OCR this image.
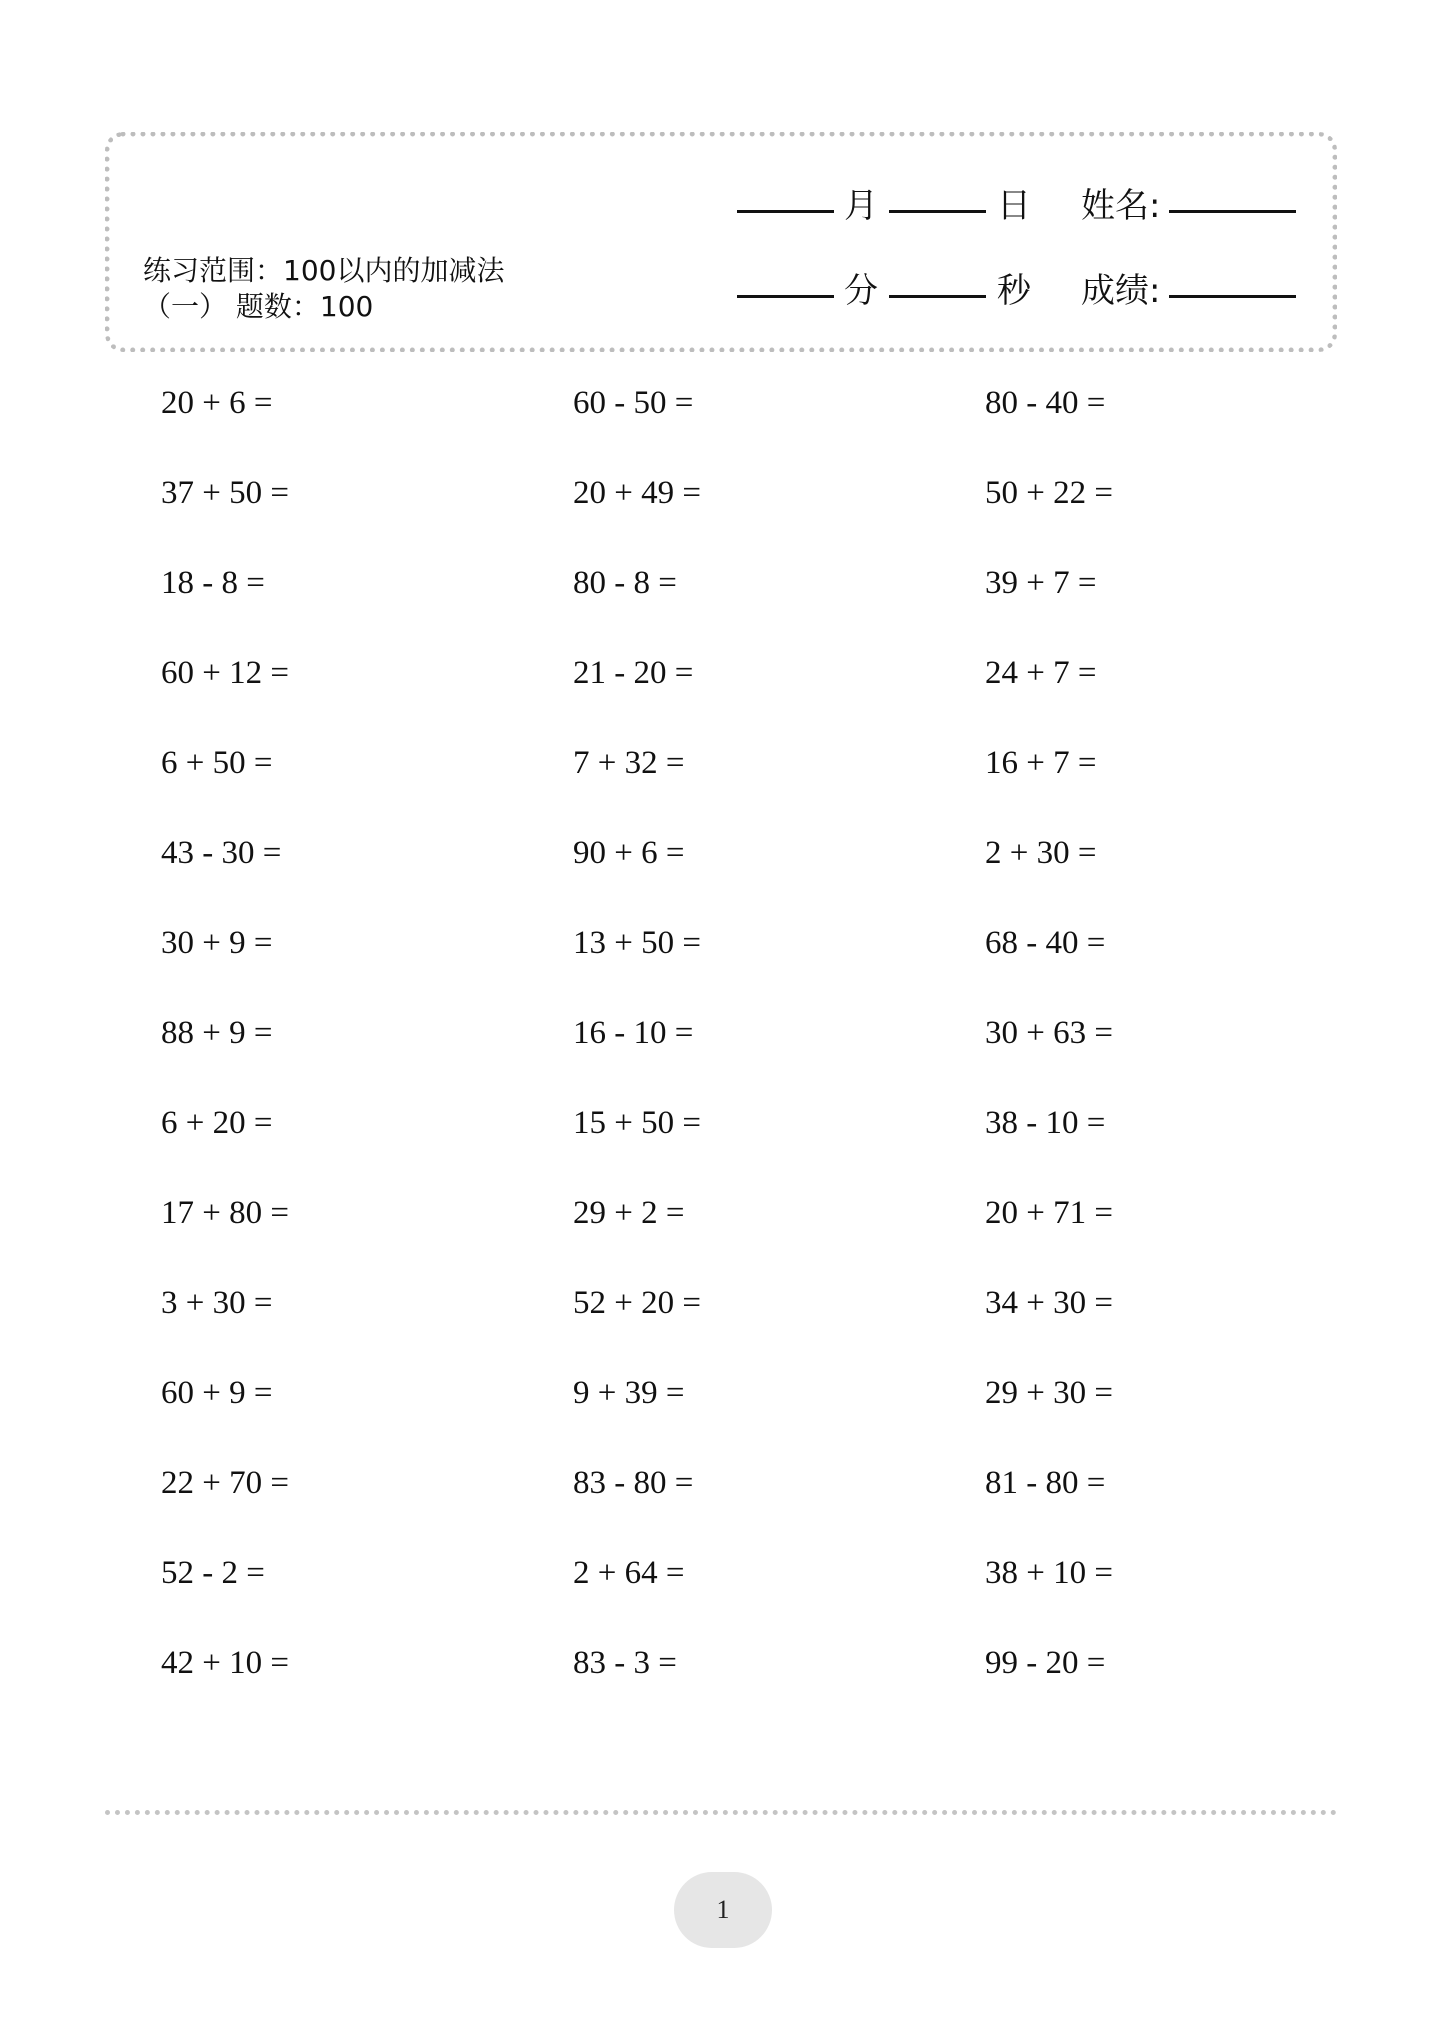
练习范围：100以内的加减法
（一） 题数：100
月	日 姓名:
分	秒 成绩:
20 + 6 =	60 - 50 =	80 - 40 =
37 + 50 =	20 + 49 =	50 + 22 =
18 - 8 =	80 - 8 =	39 + 7 =
60 + 12 =	21 - 20 =	24 + 7 =
6 + 50 =	7 + 32 =	16 + 7 =
43 - 30 =	90 + 6 =	2 + 30 =
30 + 9 =	13 + 50 =	68 - 40 =
88 + 9 =	16 - 10 =	30 + 63 =
6 + 20 =	15 + 50 =	38 - 10 =
17 + 80 =	29 + 2 =	20 + 71 =
3 + 30 =	52 + 20 =	34 + 30 =
60 + 9 =	9 + 39 =	29 + 30 =
22 + 70 =	83 - 80 =	81 - 80 =
52 - 2 =	2 + 64 =	38 + 10 =
42 + 10 =	83 - 3 =	99 - 20 =
1
